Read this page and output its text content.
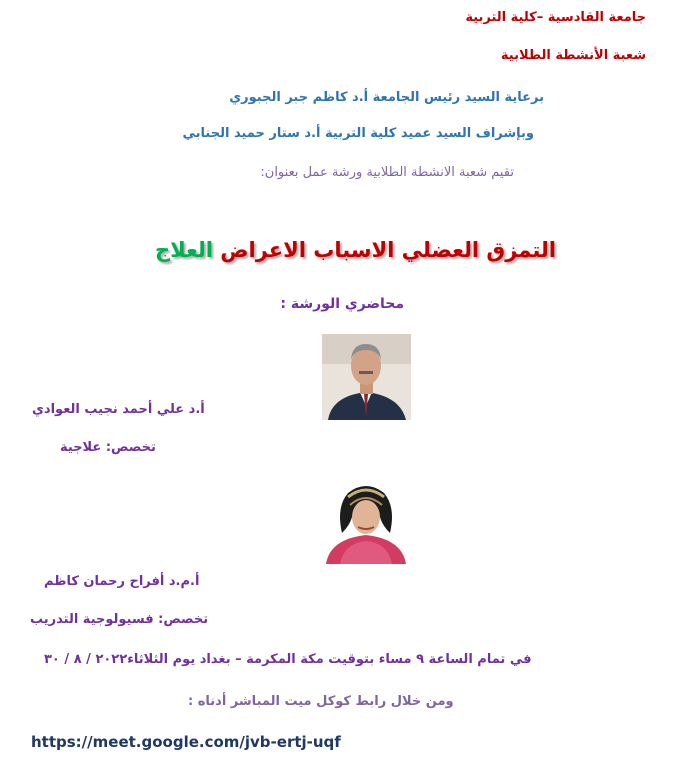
جامعة القادسية –كلية التربية
شعبة الأنشطة الطلابية
برعاية السيد رئيس الجامعة أ.د كاظم جبر الجبوري
وبإشراف السيد عميد كلية التربية أ.د ستار حميد الجنابي
تقيم شعبة الانشطة الطلابية ورشة عمل بعنوان:
التمزق العضلي الاسباب الاعراض العلاج
محاضري الورشة :
أ.د علي أحمد نجيب العوادي
تخصص: علاجية
أ.م.د أفراح رحمان كاظم
تخصص: فسيولوجية التدريب
في تمام الساعة ٩ مساء بتوقيت مكة المكرمة – بغداد يوم الثلاثاء٢٠٢٢ / ٨ / ٣٠
ومن خلال رابط كوكل ميت المباشر أدناه :
https://meet.google.com/jvb-ertj-uqf
